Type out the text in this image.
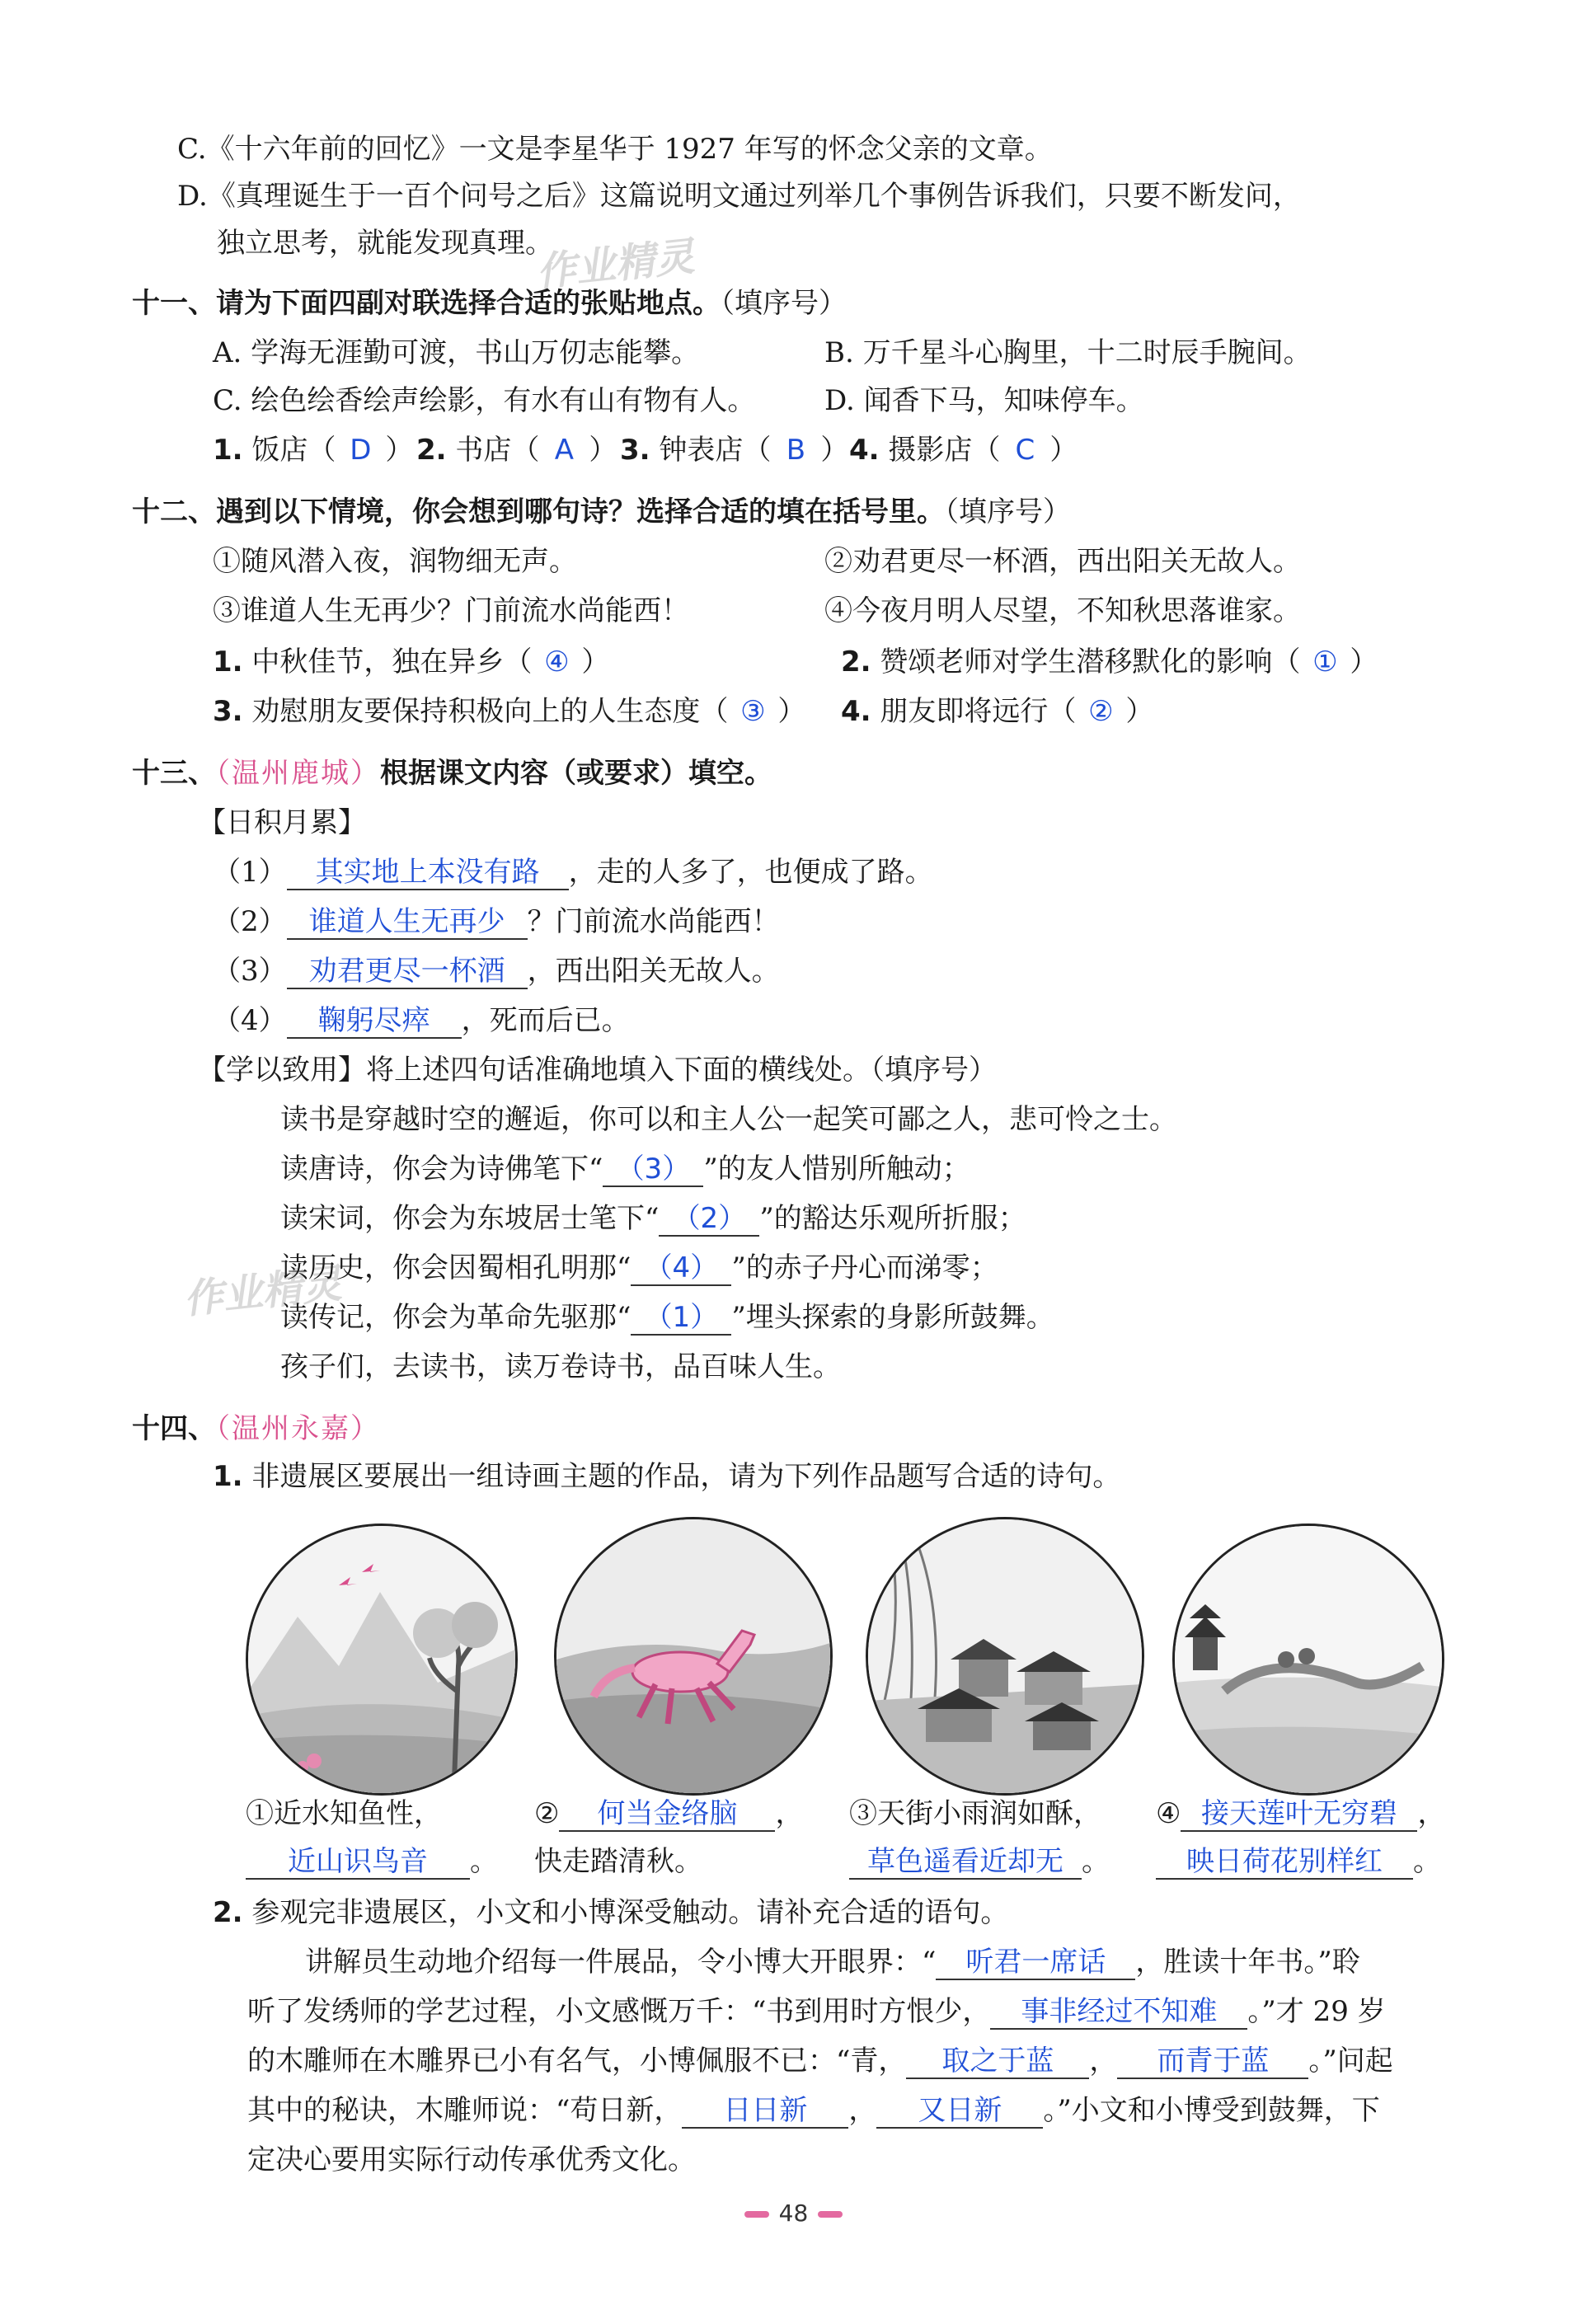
作业精灵
作业精灵
C.《十六年前的回忆》一文是李星华于 1927 年写的怀念父亲的文章。
D.《真理诞生于一百个问号之后》这篇说明文通过列举几个事例告诉我们，只要不断发问，
独立思考，就能发现真理。
十一、请为下面四副对联选择合适的张贴地点。（填序号）
A. 学海无涯勤可渡，书山万仞志能攀。	B. 万千星斗心胸里，十二时辰手腕间。
C. 绘色绘香绘声绘影，有水有山有物有人。 D. 闻香下马，知味停车。
1. 饭店（ D ） 2. 书店（ A ） 3. 钟表店（ B ） 4. 摄影店（ C ）
十二、遇到以下情境，你会想到哪句诗？选择合适的填在括号里。（填序号）
①随风潜入夜，润物细无声。	②劝君更尽一杯酒，西出阳关无故人。
③谁道人生无再少？门前流水尚能西！	④今夜月明人尽望，不知秋思落谁家。
1. 中秋佳节，独在异乡（ ④ ）	2. 赞颂老师对学生潜移默化的影响（ ① ）
3. 劝慰朋友要保持积极向上的人生态度（ ③ ） 4. 朋友即将远行（ ② ）
十三、（温州鹿城）根据课文内容（或要求）填空。
【日积月累】
（1） 其实地上本没有路 ，走的人多了，也便成了路。
（2） 谁道人生无再少 ？门前流水尚能西！
（3） 劝君更尽一杯酒 ，西出阳关无故人。
（4） 鞠躬尽瘁 ，死而后已。
【学以致用】将上述四句话准确地填入下面的横线处。（填序号）
读书是穿越时空的邂逅，你可以和主人公一起笑可鄙之人，悲可怜之士。
读唐诗，你会为诗佛笔下“ （3） ”的友人惜别所触动；
读宋词，你会为东坡居士笔下“ （2） ”的豁达乐观所折服；
读历史，你会因蜀相孔明那“ （4） ”的赤子丹心而涕零；
读传记，你会为革命先驱那“ （1） ”埋头探索的身影所鼓舞。
孩子们，去读书，读万卷诗书，品百味人生。
十四、（温州永嘉）
1. 非遗展区要展出一组诗画主题的作品，请为下列作品题写合适的诗句。
①近水知鱼性，
近山识鸟音 。
② 何当金络脑 ，
快走踏清秋。
③天街小雨润如酥，
草色遥看近却无 。
④ 接天莲叶无穷碧 ，
映日荷花别样红 。
2. 参观完非遗展区，小文和小博深受触动。请补充合适的语句。
讲解员生动地介绍每一件展品，令小博大开眼界：“ 听君一席话 ，胜读十年书。”聆
听了发绣师的学艺过程，小文感慨万千：“书到用时方恨少， 事非经过不知难 。”才 29 岁
的木雕师在木雕界已小有名气，小博佩服不已：“青， 取之于蓝 ， 而青于蓝 。”问起
其中的秘诀，木雕师说：“苟日新， 日日新 ， 又日新 。”小文和小博受到鼓舞，下
定决心要用实际行动传承优秀文化。
48
